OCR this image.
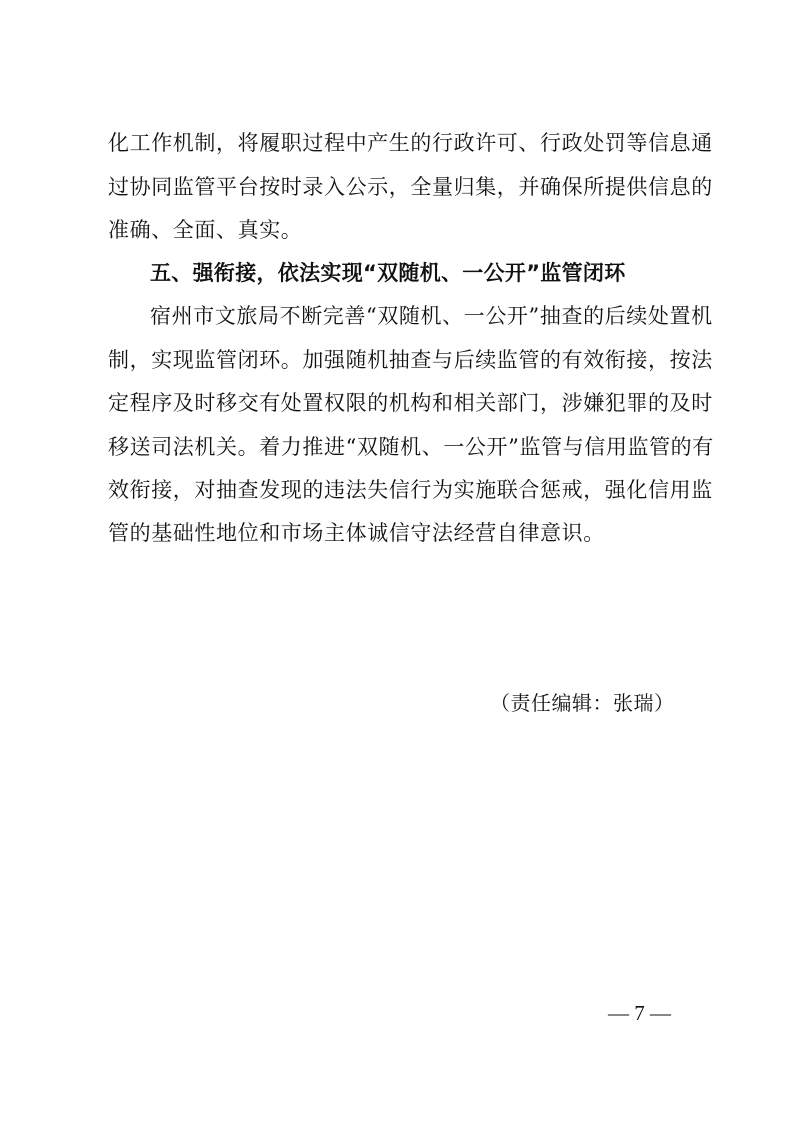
化工作机制，将履职过程中产生的行政许可、行政处罚等信息通
过协同监管平台按时录入公示，全量归集，并确保所提供信息的
准确、全面、真实。
五、强衔接，依法实现“双随机、一公开”监管闭环
宿州市文旅局不断完善“双随机、一公开”抽查的后续处置机
制，实现监管闭环。加强随机抽查与后续监管的有效衔接，按法
定程序及时移交有处置权限的机构和相关部门，涉嫌犯罪的及时
移送司法机关。着力推进“双随机、一公开”监管与信用监管的有
效衔接，对抽查发现的违法失信行为实施联合惩戒，强化信用监
管的基础性地位和市场主体诚信守法经营自律意识。
（责任编辑：张瑞）
— 7 —
